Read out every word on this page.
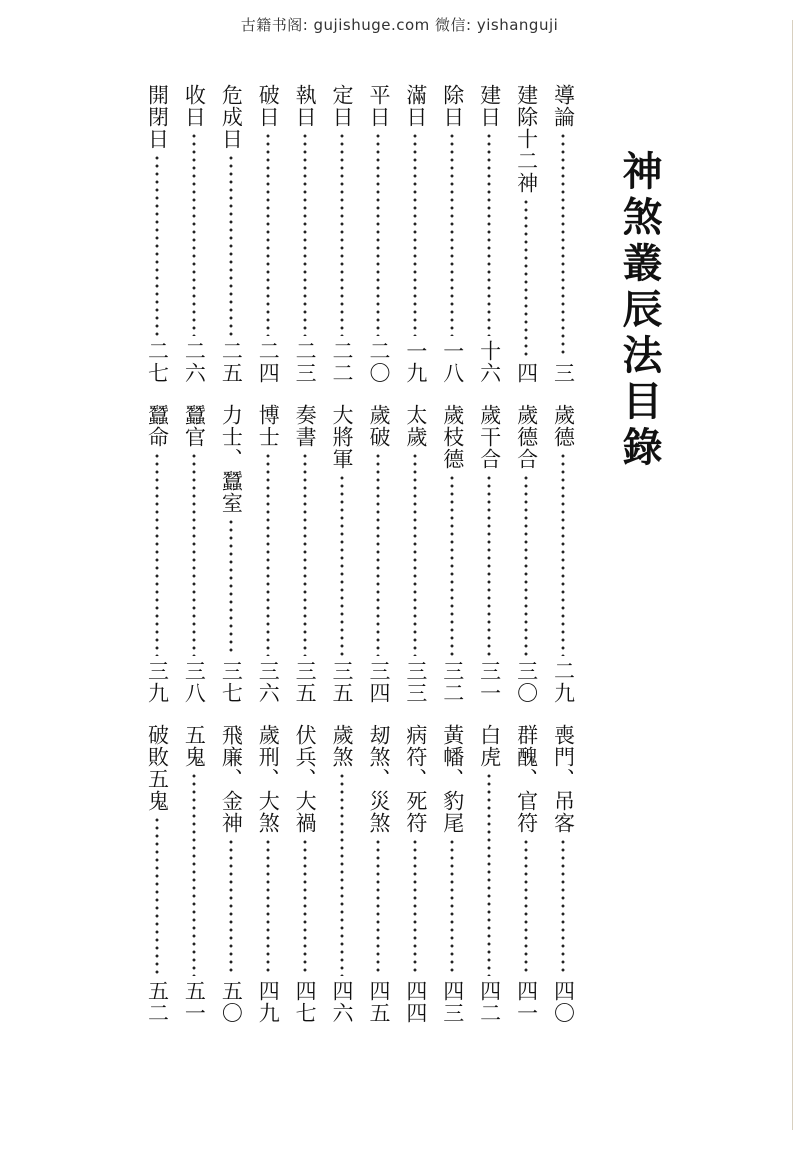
古籍书阁: gujishuge.com 微信: yishanguji
神煞叢辰法目錄
導論
三
建除十二神
四
建日
十六
除日
一八
滿日
一九
平日
二〇
定日
二二
執日
二三
破日
二四
危成日
二五
收日
二六
開閉日
二七
歲德
二九
歲德合
三〇
歲干合
三一
歲枝德
三二
太歲
三三
歲破
三四
大將軍
三五
奏書
三五
博士
三六
力士、蠶室
三七
蠶官
三八
蠶命
三九
喪門、吊客
四〇
群醜、官符
四一
白虎
四二
黃幡、豹尾
四三
病符、死符
四四
刼煞、災煞
四五
歲煞
四六
伏兵、大禍
四七
歲刑、大煞
四九
飛廉、金神
五〇
五鬼
五一
破敗五鬼
五二
